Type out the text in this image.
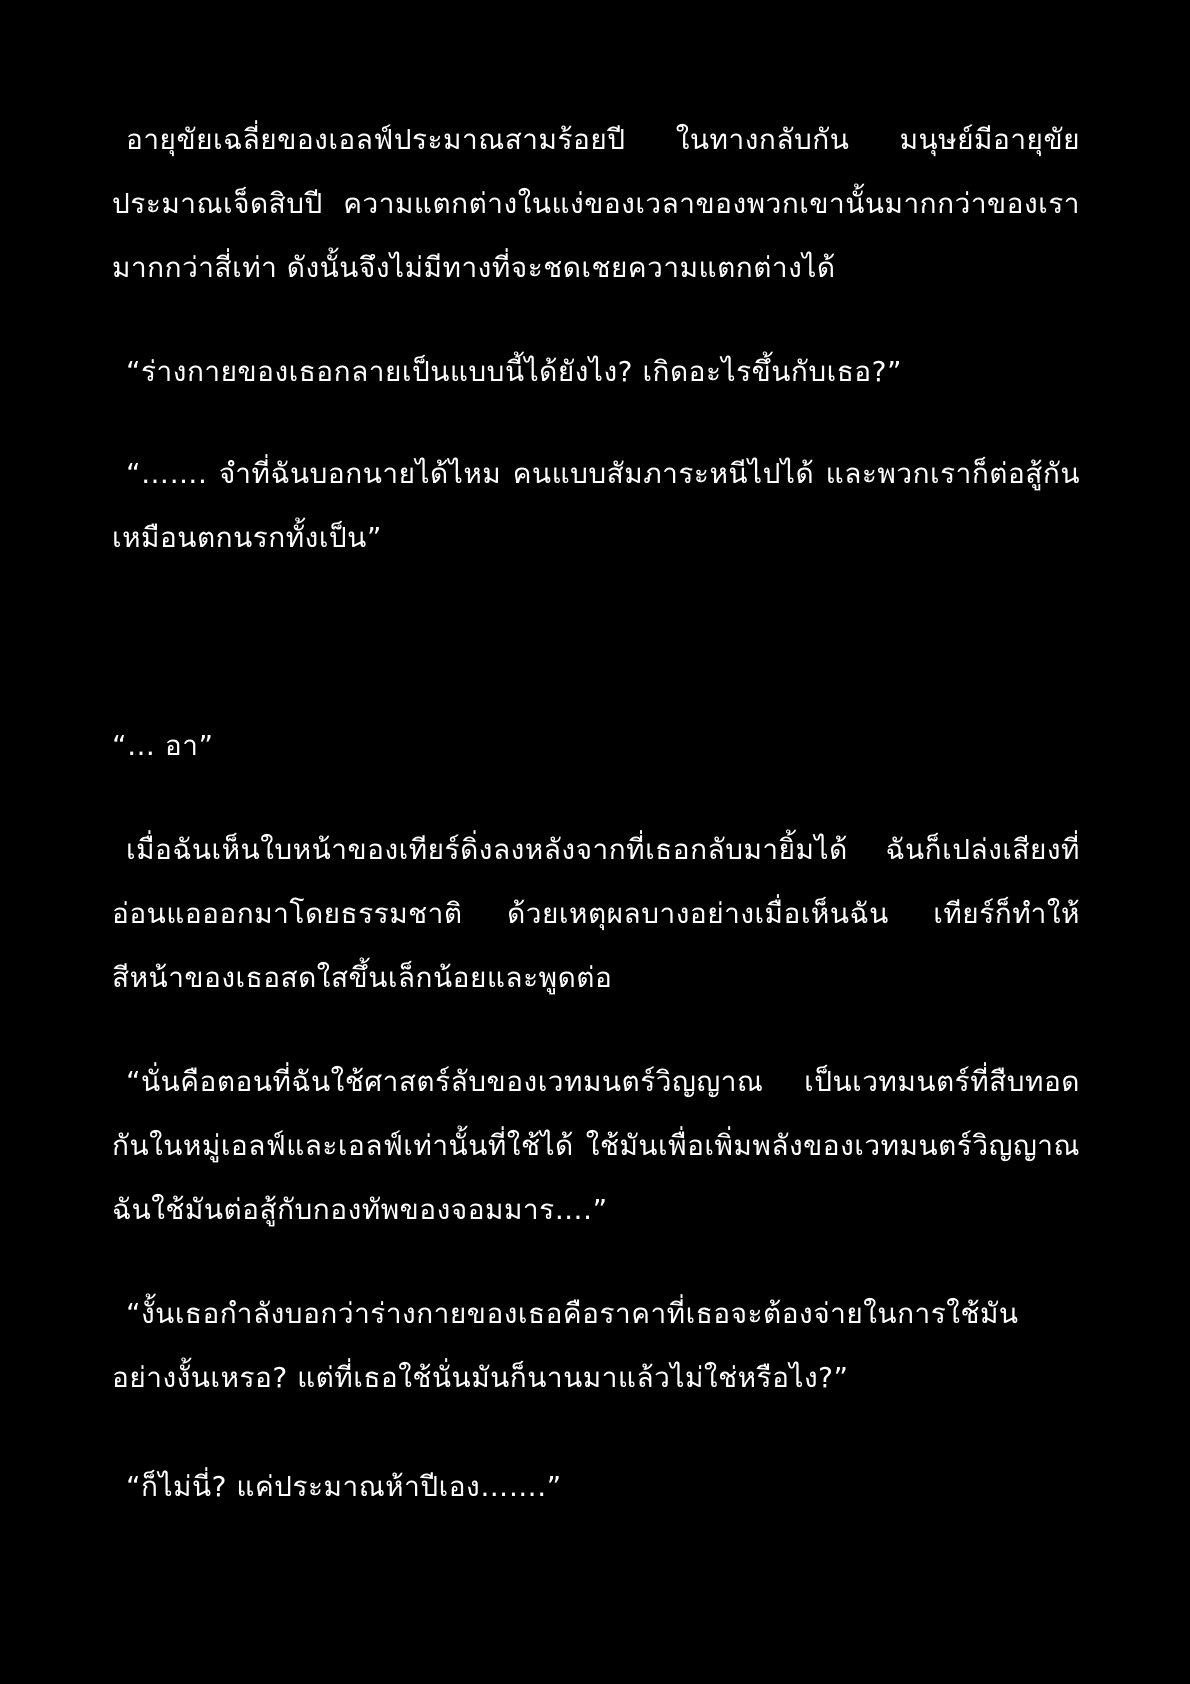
อายุขัยเฉลี่ยของเอลฟ์ประมาณสามร้อยปี ในทางกลับกัน มนุษย์มีอายุขัยประมาณเจ็ดสิบปี ความแตกต่างในแง่ของเวลาของพวกเขานั้นมากกว่าของเรามากกว่าสี่เท่า ดังนั้นจึงไม่มีทางที่จะชดเชยความแตกต่างได้

“ร่างกายของเธอกลายเป็นแบบนี้ได้ยังไง? เกิดอะไรขึ้นกับเธอ?”

“……. จำที่ฉันบอกนายได้ไหม คนแบบสัมภาระหนีไปได้ และพวกเราก็ต่อสู้กันเหมือนตกนรกทั้งเป็น”

“… อา”

เมื่อฉันเห็นใบหน้าของเทียร์ดิ่งลงหลังจากที่เธอกลับมายิ้มได้ ฉันก็เปล่งเสียงที่อ่อนแอออกมาโดยธรรมชาติ ด้วยเหตุผลบางอย่างเมื่อเห็นฉัน เทียร์ก็ทำให้สีหน้าของเธอสดใสขึ้นเล็กน้อยและพูดต่อ

“นั่นคือตอนที่ฉันใช้ศาสตร์ลับของเวทมนตร์วิญญาณ เป็นเวทมนตร์ที่สืบทอดกันในหมู่เอลฟ์และเอลฟ์เท่านั้นที่ใช้ได้ ใช้มันเพื่อเพิ่มพลังของเวทมนตร์วิญญาณ ฉันใช้มันต่อสู้กับกองทัพของจอมมาร….”

“งั้นเธอกำลังบอกว่าร่างกายของเธอคือราคาที่เธอจะต้องจ่ายในการใช้มันอย่างงั้นเหรอ? แต่ที่เธอใช้นั่นมันก็นานมาแล้วไม่ใช่หรือไง?”

“ก็ไม่นี่? แค่ประมาณห้าปีเอง…….”
